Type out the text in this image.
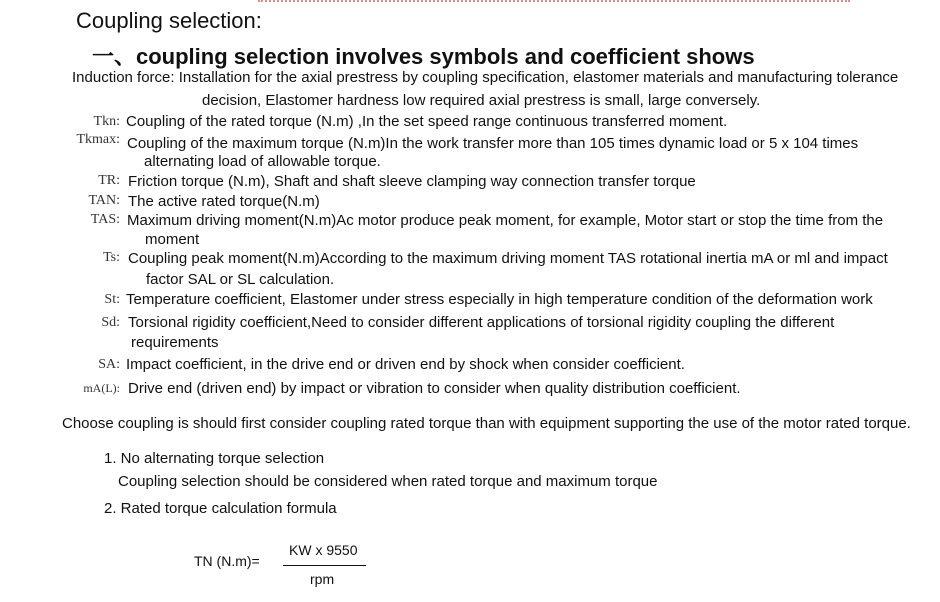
Coupling selection:
一、coupling selection involves symbols and coefficient shows
Induction force: Installation for the axial prestress by coupling specification, elastomer materials and manufacturing tolerance
decision, Elastomer hardness low required axial prestress is small, large conversely.
Tkn: Coupling of the rated torque (N.m) ,In the set speed range continuous transferred moment.
Tkmax: Coupling of the maximum torque (N.m)In the work transfer more than 105 times dynamic load or 5 x 104 times
alternating load of allowable torque.
TR: Friction torque (N.m), Shaft and shaft sleeve clamping way connection transfer torque
TAN: The active rated torque(N.m)
TAS: Maximum driving moment(N.m)Ac motor produce peak moment, for example, Motor start or stop the time from the
moment
Ts: Coupling peak moment(N.m)According to the maximum driving moment TAS rotational inertia mA or ml and impact
factor SAL or SL calculation.
St: Temperature coefficient, Elastomer under stress especially in high temperature condition of the deformation work
Sd: Torsional rigidity coefficient,Need to consider different applications of torsional rigidity coupling the different
requirements
SA: Impact coefficient, in the drive end or driven end by shock when consider coefficient.
mA(L): Drive end (driven end) by impact or vibration to consider when quality distribution coefficient.
Choose coupling is should first consider coupling rated torque than with equipment supporting the use of the motor rated torque.
1. No alternating torque selection
Coupling selection should be considered when rated torque and maximum torque
2. Rated torque calculation formula
TN (N.m)=
KW x 9550
rpm
